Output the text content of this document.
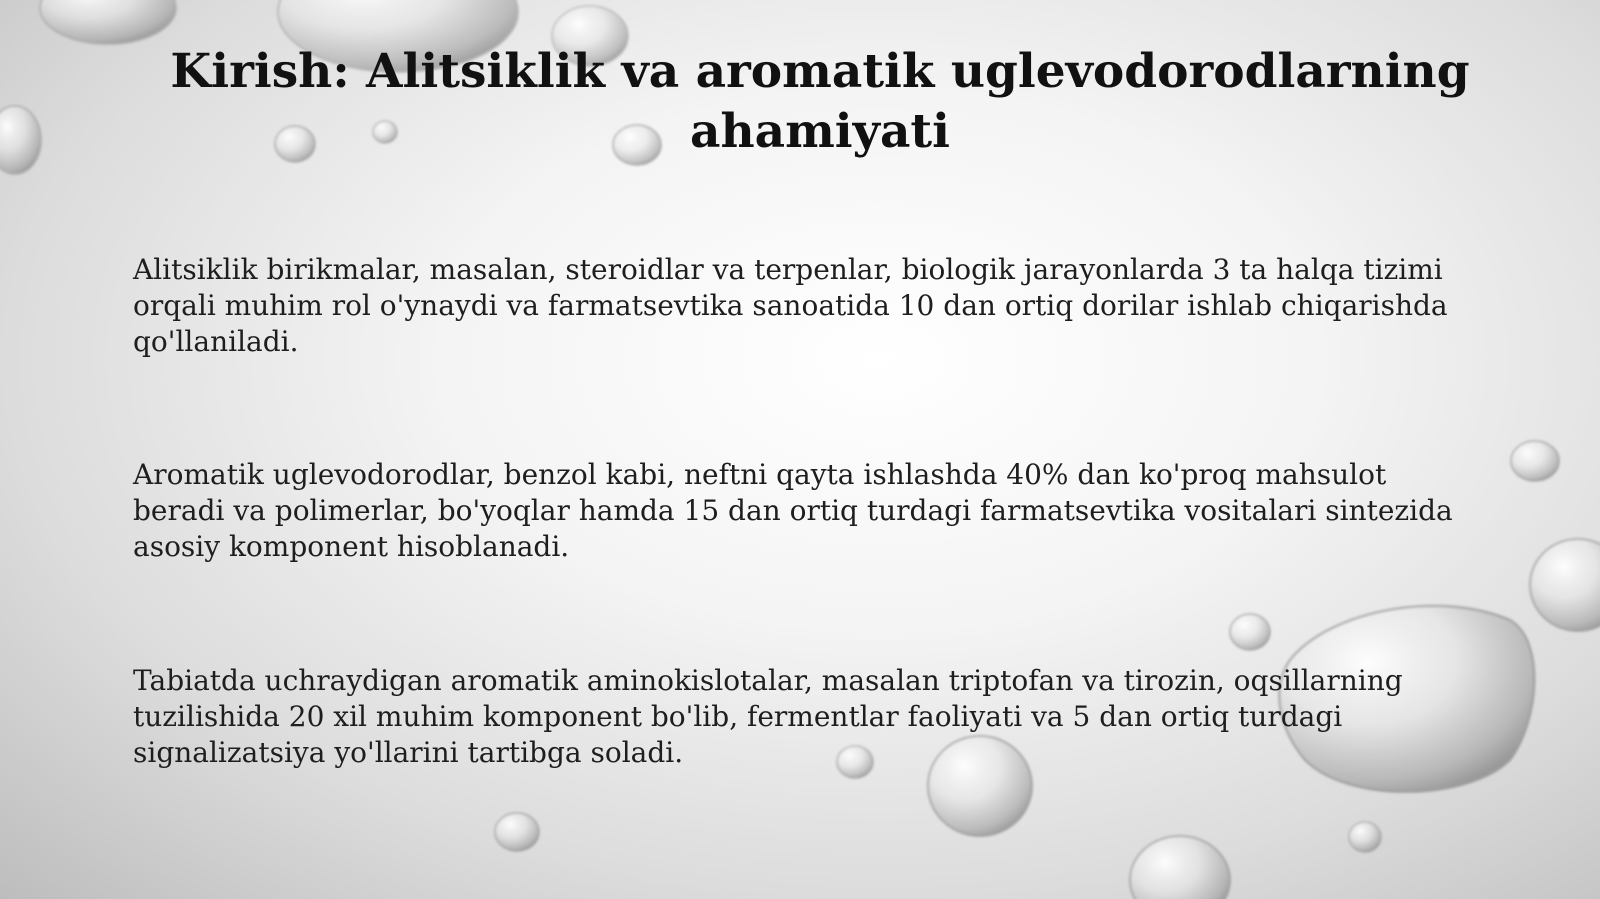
Kirish: Alitsiklik va aromatik uglevodorodlarning ahamiyati

Alitsiklik birikmalar, masalan, steroidlar va terpenlar, biologik jarayonlarda 3 ta halqa tizimi orqali muhim rol o'ynaydi va farmatsevtika sanoatida 10 dan ortiq dorilar ishlab chiqarishda qo'llaniladi.

Aromatik uglevodorodlar, benzol kabi, neftni qayta ishlashda 40% dan ko'proq mahsulot beradi va polimerlar, bo'yoqlar hamda 15 dan ortiq turdagi farmatsevtika vositalari sintezida asosiy komponent hisoblanadi.

Tabiatda uchraydigan aromatik aminokislotalar, masalan triptofan va tirozin, oqsillarning tuzilishida 20 xil muhim komponent bo'lib, fermentlar faoliyati va 5 dan ortiq turdagi signalizatsiya yo'llarini tartibga soladi.
